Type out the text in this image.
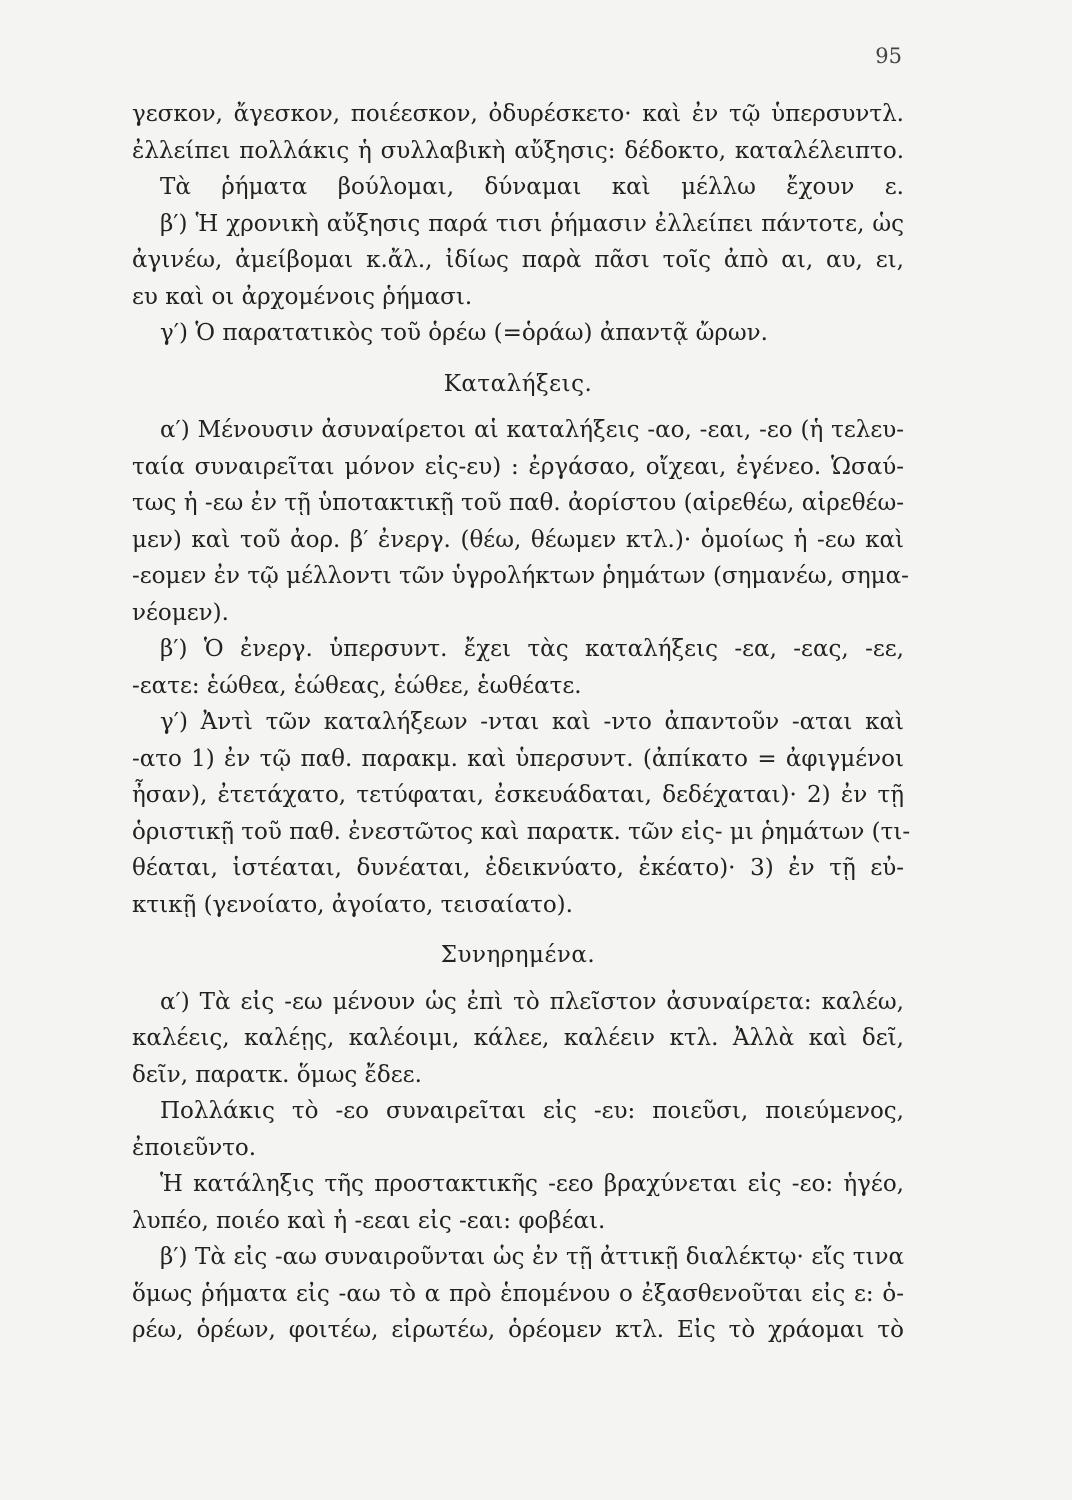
95
γεσκον, ἄγεσκον, ποιέεσκον, ὀδυρέσκετο· καὶ ἐν τῷ ὑπερσυντλ.
ἐλλείπει πολλάκις ἡ συλλαβικὴ αὔξησις: δέδοκτο, καταλέλειπτο.
Τὰ ῥήματα βούλομαι, δύναμαι καὶ μέλλω ἔχουν ε.
β′) Ἡ χρονικὴ αὔξησις παρά τισι ῥήμασιν ἐλλείπει πάντοτε, ὡς
ἀγινέω, ἀμείβομαι κ.ἄλ., ἰδίως παρὰ πᾶσι τοῖς ἀπὸ αι, αυ, ει,
ευ καὶ οι ἀρχομένοις ῥήμασι.
γ′) Ὁ παρατατικὸς τοῦ ὁρέω (=ὁράω) ἀπαντᾷ ὤρων.
Καταλήξεις.
α′) Μένουσιν ἀσυναίρετοι αἱ καταλήξεις -αο, -εαι, -εο (ἡ τελευ-
ταία συναιρεῖται μόνον εἰς-ευ) : ἐργάσαο, οἴχεαι, ἐγένεο. Ὡσαύ-
τως ἡ -εω ἐν τῇ ὑποτακτικῇ τοῦ παθ. ἀορίστου (αἱρεθέω, αἱρεθέω-
μεν) καὶ τοῦ ἀορ. β′ ἐνεργ. (θέω, θέωμεν κτλ.)· ὁμοίως ἡ -εω καὶ
-εομεν ἐν τῷ μέλλοντι τῶν ὑγρολήκτων ῥημάτων (σημανέω, σημα-
νέομεν).
β′) Ὁ ἐνεργ. ὑπερσυντ. ἔχει τὰς καταλήξεις -εα, -εας, -εε,
-εατε: ἑώθεα, ἑώθεας, ἑώθεε, ἑωθέατε.
γ′) Ἀντὶ τῶν καταλήξεων -νται καὶ -ντο ἀπαντοῦν -αται καὶ
-ατο 1) ἐν τῷ παθ. παρακμ. καὶ ὑπερσυντ. (ἀπίκατο = ἀφιγμένοι
ἦσαν), ἐτετάχατο, τετύφαται, ἐσκευάδαται, δεδέχαται)· 2) ἐν τῇ
ὁριστικῇ τοῦ παθ. ἐνεστῶτος καὶ παρατκ. τῶν εἰς- μι ῥημάτων (τι-
θέαται, ἱστέαται, δυνέαται, ἐδεικνύατο, ἐκέατο)· 3) ἐν τῇ εὐ-
κτικῇ (γενοίατο, ἀγοίατο, τεισαίατο).
Συνηρημένα.
α′) Τὰ εἰς -εω μένουν ὡς ἐπὶ τὸ πλεῖστον ἀσυναίρετα: καλέω,
καλέεις, καλέῃς, καλέοιμι, κάλεε, καλέειν κτλ. Ἀλλὰ καὶ δεῖ,
δεῖν, παρατκ. ὅμως ἔδεε.
Πολλάκις τὸ -εο συναιρεῖται εἰς -ευ: ποιεῦσι, ποιεύμενος,
ἐποιεῦντο.
Ἡ κατάληξις τῆς προστακτικῆς -εεο βραχύνεται εἰς -εο: ἡγέο,
λυπέο, ποιέο καὶ ἡ -εεαι εἰς -εαι: φοβέαι.
β′) Τὰ εἰς -αω συναιροῦνται ὡς ἐν τῇ ἀττικῇ διαλέκτῳ· εἴς τινα
ὅμως ῥήματα εἰς -αω τὸ α πρὸ ἑπομένου ο ἐξασθενοῦται εἰς ε: ὁ-
ρέω, ὁρέων, φοιτέω, εἰρωτέω, ὁρέομεν κτλ. Εἰς τὸ χράομαι τὸ
